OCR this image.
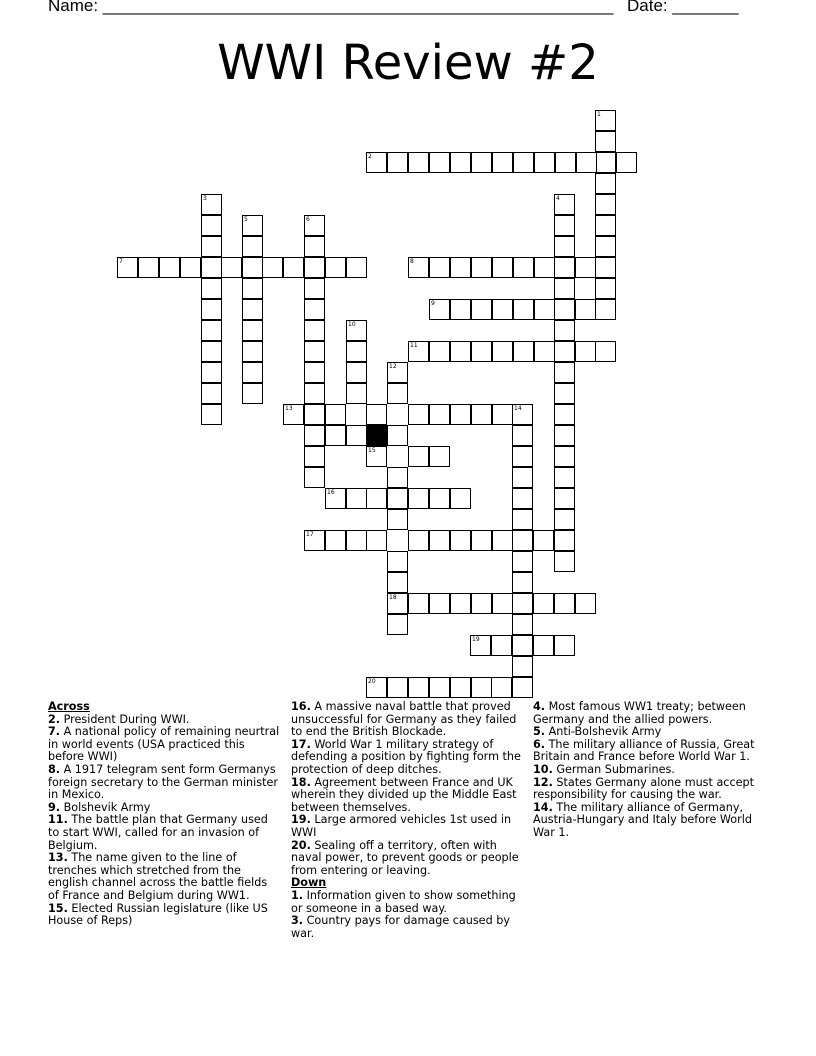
Name: ______________________________________________________ Date: _______
WWI Review #2
1
2
3	4
5	6
7	8
9
10
11
12
13	14
15
16
17
18
19
20
Across
2. President During WWI.
7. A national policy of remaining neurtral in world events (USA practiced this before WWI)
8. A 1917 telegram sent form Germanys foreign secretary to the German minister in Mexico.
9. Bolshevik Army
11. The battle plan that Germany used to start WWI, called for an invasion of Belgium.
13. The name given to the line of trenches which stretched from the english channel across the battle fields of France and Belgium during WW1.
15. Elected Russian legislature (like US House of Reps)
16. A massive naval battle that proved unsuccessful for Germany as they failed to end the British Blockade.
17. World War 1 military strategy of defending a position by fighting form the protection of deep ditches.
18. Agreement between France and UK wherein they divided up the Middle East between themselves.
19. Large armored vehicles 1st used in WWI
20. Sealing off a territory, often with naval power, to prevent goods or people from entering or leaving.
Down
1. Information given to show something or someone in a based way.
3. Country pays for damage caused by war.
4. Most famous WW1 treaty; between Germany and the allied powers.
5. Anti-Bolshevik Army
6. The military alliance of Russia, Great Britain and France before World War 1.
10. German Submarines.
12. States Germany alone must accept responsibility for causing the war.
14. The military alliance of Germany, Austria-Hungary and Italy before World War 1.
